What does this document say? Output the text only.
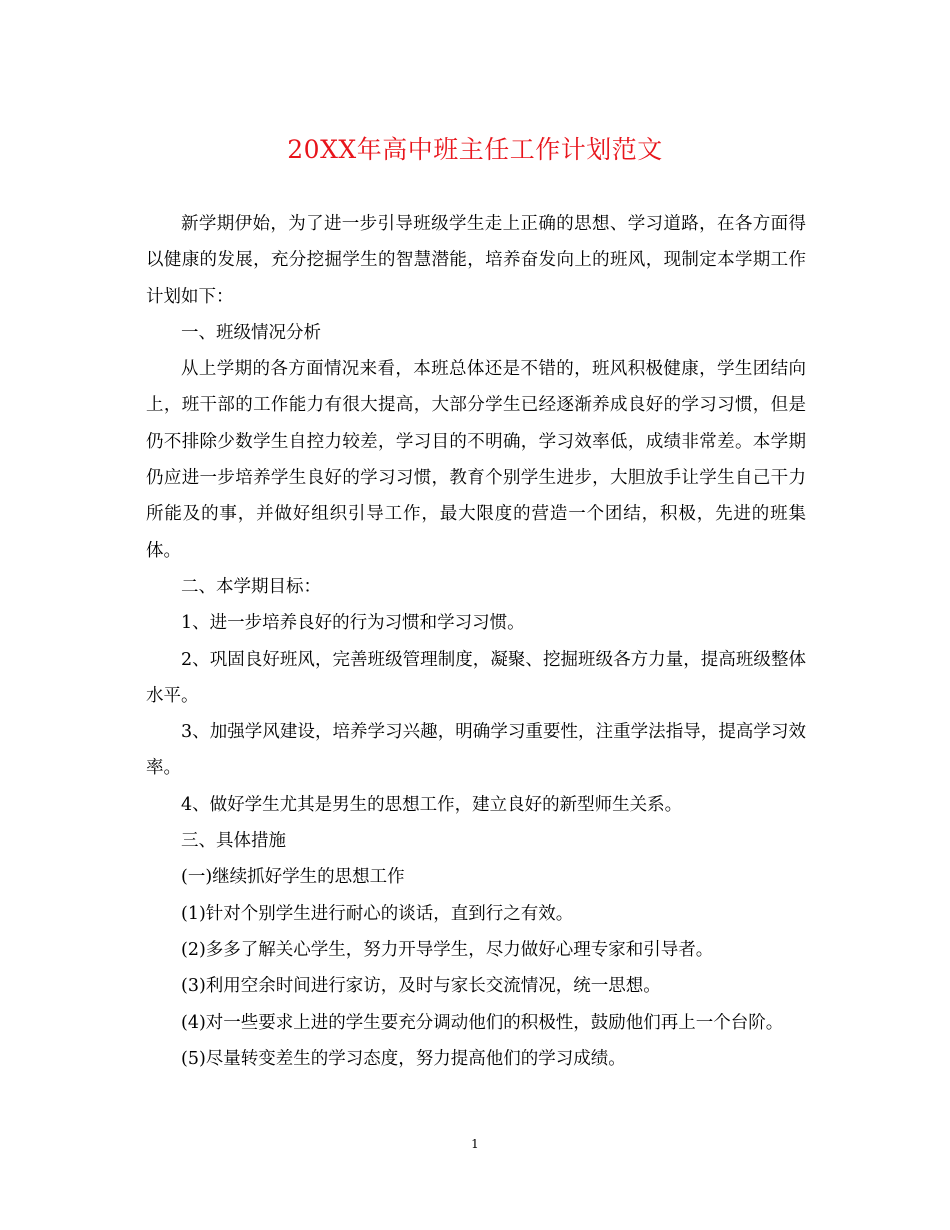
20XX年高中班主任工作计划范文

新学期伊始，为了进一步引导班级学生走上正确的思想、学习道路，在各方面得以健康的发展，充分挖掘学生的智慧潜能，培养奋发向上的班风，现制定本学期工作计划如下：

一、班级情况分析

从上学期的各方面情况来看，本班总体还是不错的，班风积极健康，学生团结向上，班干部的工作能力有很大提高，大部分学生已经逐渐养成良好的学习习惯，但是仍不排除少数学生自控力较差，学习目的不明确，学习效率低，成绩非常差。本学期仍应进一步培养学生良好的学习习惯，教育个别学生进步，大胆放手让学生自己干力所能及的事，并做好组织引导工作，最大限度的营造一个团结，积极，先进的班集体。

二、本学期目标：

1、进一步培养良好的行为习惯和学习习惯。

2、巩固良好班风，完善班级管理制度，凝聚、挖掘班级各方力量，提高班级整体水平。

3、加强学风建设，培养学习兴趣，明确学习重要性，注重学法指导，提高学习效率。

4、做好学生尤其是男生的思想工作，建立良好的新型师生关系。

三、具体措施

(一)继续抓好学生的思想工作

(1)针对个别学生进行耐心的谈话，直到行之有效。

(2)多多了解关心学生，努力开导学生，尽力做好心理专家和引导者。

(3)利用空余时间进行家访，及时与家长交流情况，统一思想。

(4)对一些要求上进的学生要充分调动他们的积极性，鼓励他们再上一个台阶。

(5)尽量转变差生的学习态度，努力提高他们的学习成绩。

1
